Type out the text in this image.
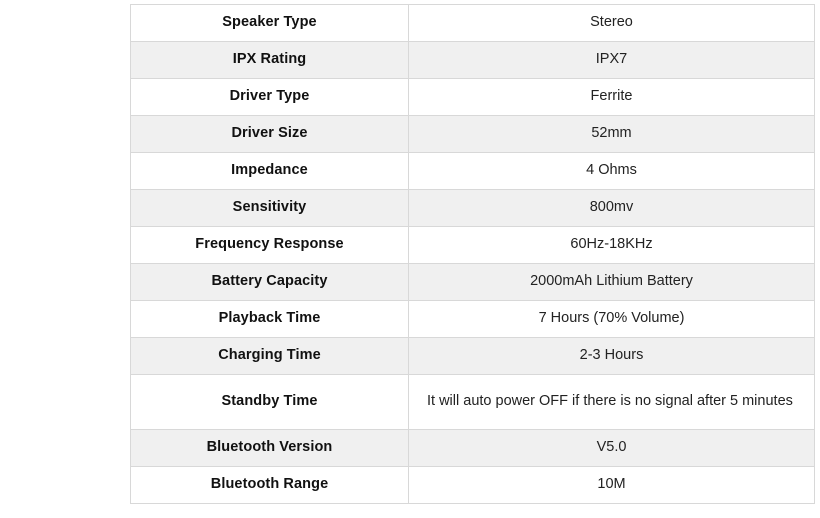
Speaker Type	Stereo
IPX Rating	IPX7
Driver Type	Ferrite
Driver Size	52mm
Impedance	4 Ohms
Sensitivity	800mv
Frequency Response	60Hz-18KHz
Battery Capacity	2000mAh Lithium Battery
Playback Time	7 Hours (70% Volume)
Charging Time	2-3 Hours
Standby Time	It will auto power OFF if there is no signal after 5 minutes
Bluetooth Version	V5.0
Bluetooth Range	10M
